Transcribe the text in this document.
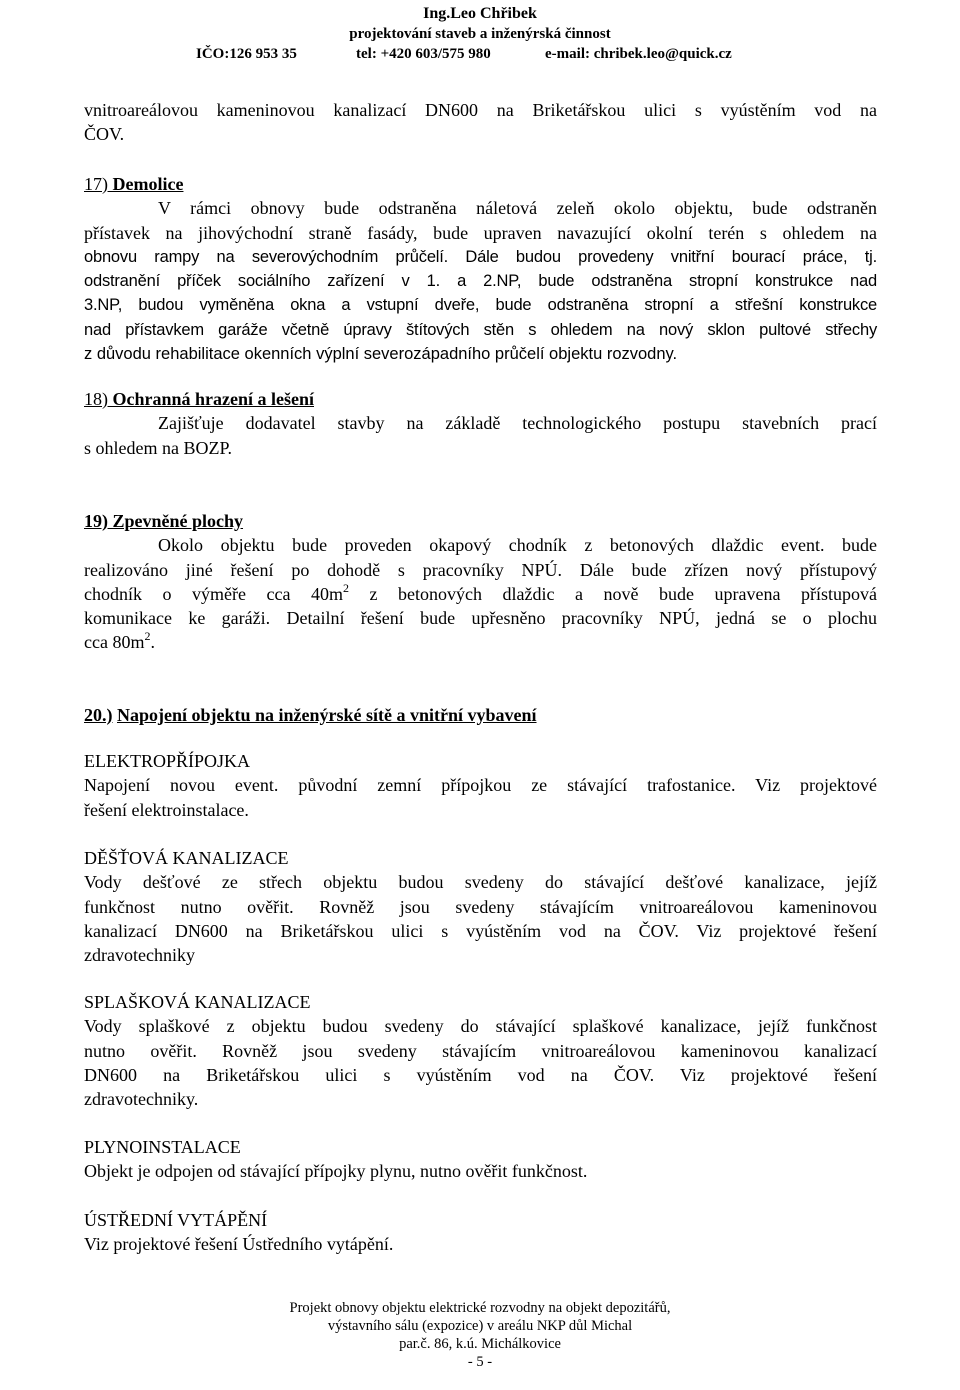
Ing.Leo Chřibek
projektování staveb a inženýrská činnost
IČO:126 953 35	tel: +420 603/575 980	e-mail: chribek.leo@quick.cz

vnitroareálovou kameninovou kanalizací DN600 na Briketářskou ulici s vyústěním vod na

ČOV.

17) Demolice

V rámci obnovy bude odstraněna náletová zeleň okolo objektu, bude odstraněn

přístavek na jihovýchodní straně fasády, bude upraven navazující okolní terén s ohledem na

obnovu rampy na severovýchodním průčelí. Dále budou provedeny vnitřní bourací práce, tj.

odstranění příček sociálního zařízení v 1. a 2.NP, bude odstraněna stropní konstrukce nad

3.NP, budou vyměněna okna a vstupní dveře, bude odstraněna stropní a střešní konstrukce

nad přístavkem garáže včetně úpravy štítových stěn s ohledem na nový sklon pultové střechy

z důvodu rehabilitace okenních výplní severozápadního průčelí objektu rozvodny.

18) Ochranná hrazení a lešení

Zajišťuje dodavatel stavby na základě technologického postupu stavebních prací

s ohledem na BOZP.

19) Zpevněné plochy

Okolo objektu bude proveden okapový chodník z betonových dlaždic event. bude

realizováno jiné řešení po dohodě s pracovníky NPÚ. Dále bude zřízen nový přístupový

chodník o výměře cca $40m^2$ z betonových dlaždic a nově bude upravena přístupová

komunikace ke garáži. Detailní řešení bude upřesněno pracovníky NPÚ, jedná se o plochu

cca $80m^2$.

20.) Napojení objektu na inženýrské sítě a vnitřní vybavení

ELEKTROPŘÍPOJKA

Napojení novou event. původní zemní přípojkou ze stávající trafostanice. Viz projektové

řešení elektroinstalace.

DĚŠŤOVÁ KANALIZACE

Vody dešťové ze střech objektu budou svedeny do stávající dešťové kanalizace, jejíž

funkčnost nutno ověřit. Rovněž jsou svedeny stávajícím vnitroareálovou kameninovou

kanalizací DN600 na Briketářskou ulici s vyústěním vod na ČOV. Viz projektové řešení

zdravotechniky

SPLAŠKOVÁ KANALIZACE

Vody splaškové z objektu budou svedeny do stávající splaškové kanalizace, jejíž funkčnost

nutno ověřit. Rovněž jsou svedeny stávajícím vnitroareálovou kameninovou kanalizací

DN600 na Briketářskou ulici s vyústěním vod na ČOV. Viz projektové řešení

zdravotechniky.

PLYNOINSTALACE

Objekt je odpojen od stávající přípojky plynu, nutno ověřit funkčnost.

ÚSTŘEDNÍ VYTÁPĚNÍ

Viz projektové řešení Ústředního vytápění.

Projekt obnovy objektu elektrické rozvodny na objekt depozitářů,
výstavního sálu (expozice) v areálu NKP důl Michal
par.č. 86, k.ú. Michálkovice
- 5 -
